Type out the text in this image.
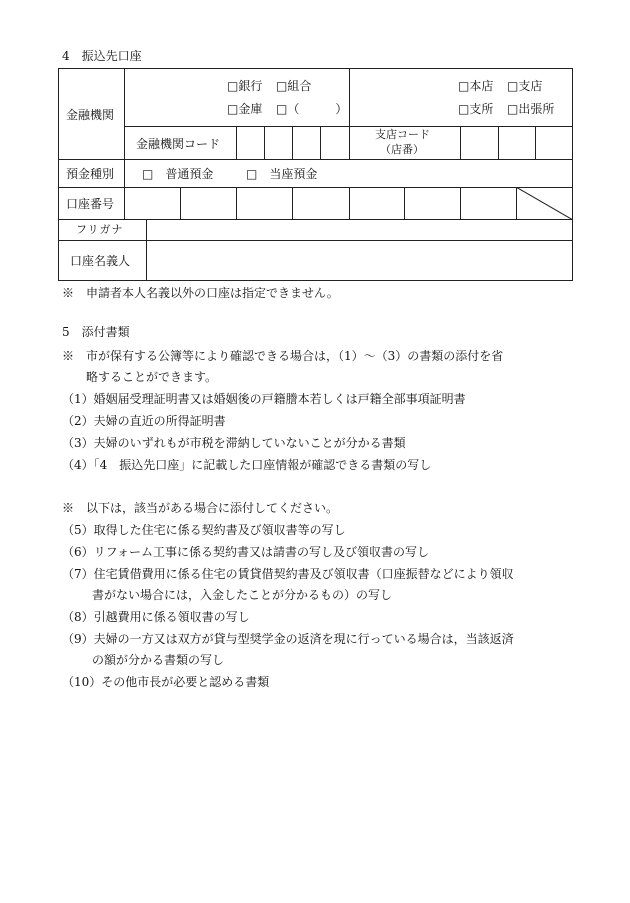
4　振込先口座
金融機関
□銀行 □組合
□金庫 □（　　　）
□本店 □支店
□支所 □出張所
金融機関コード
支店コード
（店番）
預金種別 □　普通預金	□　当座預金
口座番号
フリガナ
口座名義人
※　申請者本人名義以外の口座は指定できません。
5　添付書類
※　市が保有する公簿等により確認できる場合は，（1）～（3）の書類の添付を省
略することができます。
（1）婚姻届受理証明書又は婚姻後の戸籍謄本若しくは戸籍全部事項証明書
（2）夫婦の直近の所得証明書
（3）夫婦のいずれもが市税を滞納していないことが分かる書類
（4）「4　振込先口座」に記載した口座情報が確認できる書類の写し
※　以下は，該当がある場合に添付してください。
（5）取得した住宅に係る契約書及び領収書等の写し
（6）リフォーム工事に係る契約書又は請書の写し及び領収書の写し
（7）住宅賃借費用に係る住宅の賃貸借契約書及び領収書（口座振替などにより領収
書がない場合には，入金したことが分かるもの）の写し
（8）引越費用に係る領収書の写し
（9）夫婦の一方又は双方が貸与型奨学金の返済を現に行っている場合は，当該返済
の額が分かる書類の写し
（10）その他市長が必要と認める書類
